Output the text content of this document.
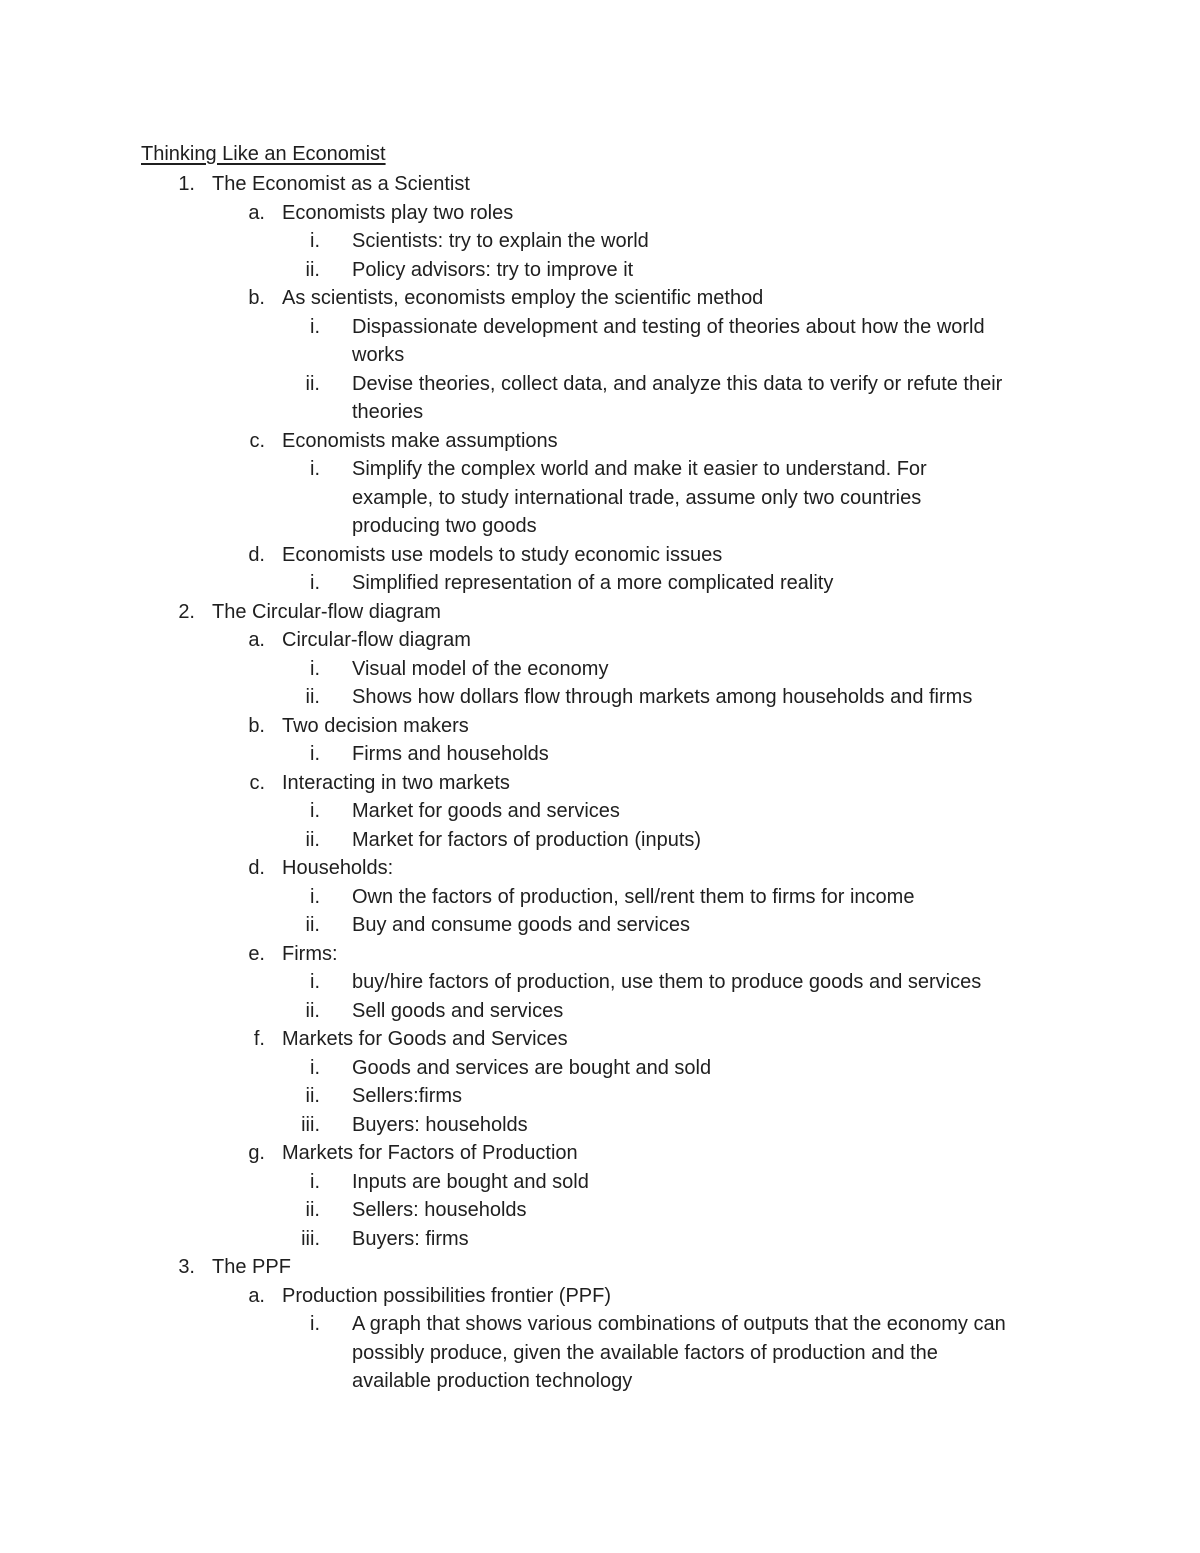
Thinking Like an Economist
1. The Economist as a Scientist
a. Economists play two roles
i. Scientists: try to explain the world
ii. Policy advisors: try to improve it
b. As scientists, economists employ the scientific method
i. Dispassionate development and testing of theories about how the world
works
ii. Devise theories, collect data, and analyze this data to verify or refute their
theories
c. Economists make assumptions
i. Simplify the complex world and make it easier to understand. For
example, to study international trade, assume only two countries
producing two goods
d. Economists use models to study economic issues
i. Simplified representation of a more complicated reality
2. The Circular-flow diagram
a. Circular-flow diagram
i. Visual model of the economy
ii. Shows how dollars flow through markets among households and firms
b. Two decision makers
i. Firms and households
c. Interacting in two markets
i. Market for goods and services
ii. Market for factors of production (inputs)
d. Households:
i. Own the factors of production, sell/rent them to firms for income
ii. Buy and consume goods and services
e. Firms:
i. buy/hire factors of production, use them to produce goods and services
ii. Sell goods and services
f. Markets for Goods and Services
i. Goods and services are bought and sold
ii. Sellers:firms
iii. Buyers: households
g. Markets for Factors of Production
i. Inputs are bought and sold
ii. Sellers: households
iii. Buyers: firms
3. The PPF
a. Production possibilities frontier (PPF)
i. A graph that shows various combinations of outputs that the economy can
possibly produce, given the available factors of production and the
available production technology
